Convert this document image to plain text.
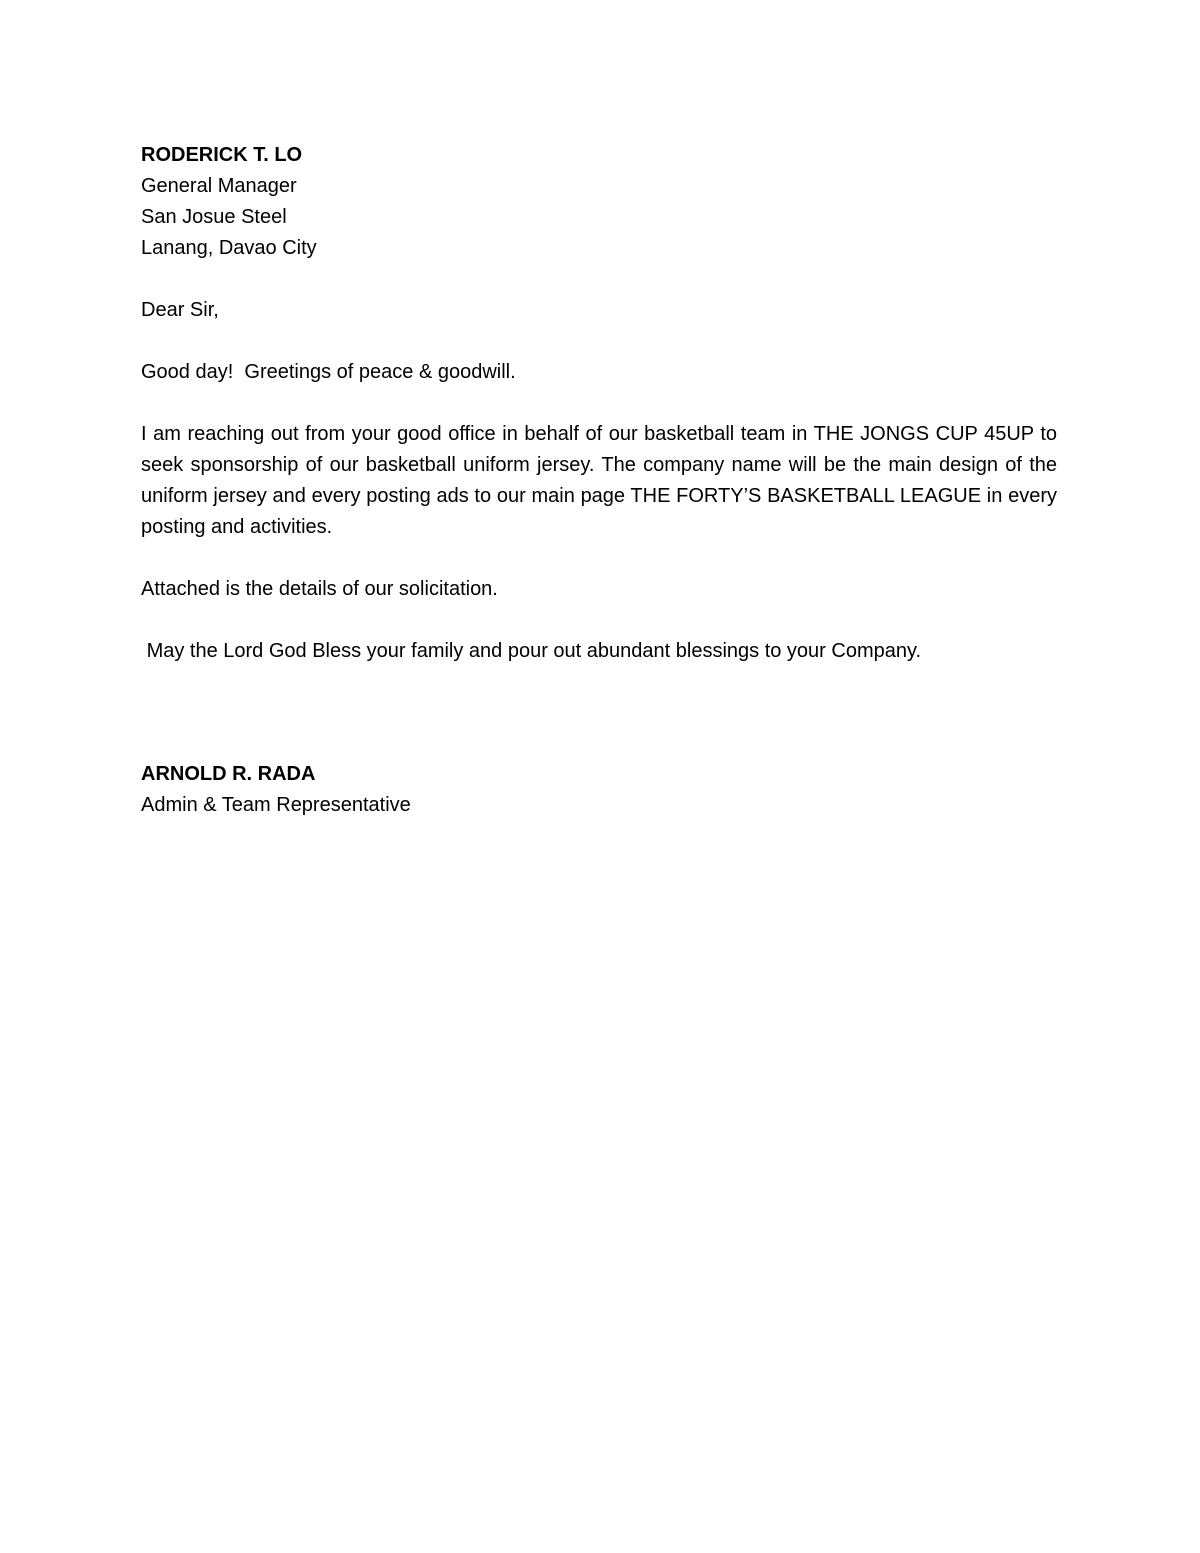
RODERICK T. LO
General Manager
San Josue Steel
Lanang, Davao City
Dear Sir,
Good day!  Greetings of peace & goodwill.

I am reaching out from your good office in behalf of our basketball team in THE JONGS CUP 45UP to seek sponsorship of our basketball uniform jersey. The company name will be the main design of the uniform jersey and every posting ads to our main page THE FORTY’S BASKETBALL LEAGUE in every posting and activities.

Attached is the details of our solicitation.
May the Lord God Bless your family and pour out abundant blessings to your Company.
ARNOLD R. RADA
Admin & Team Representative
